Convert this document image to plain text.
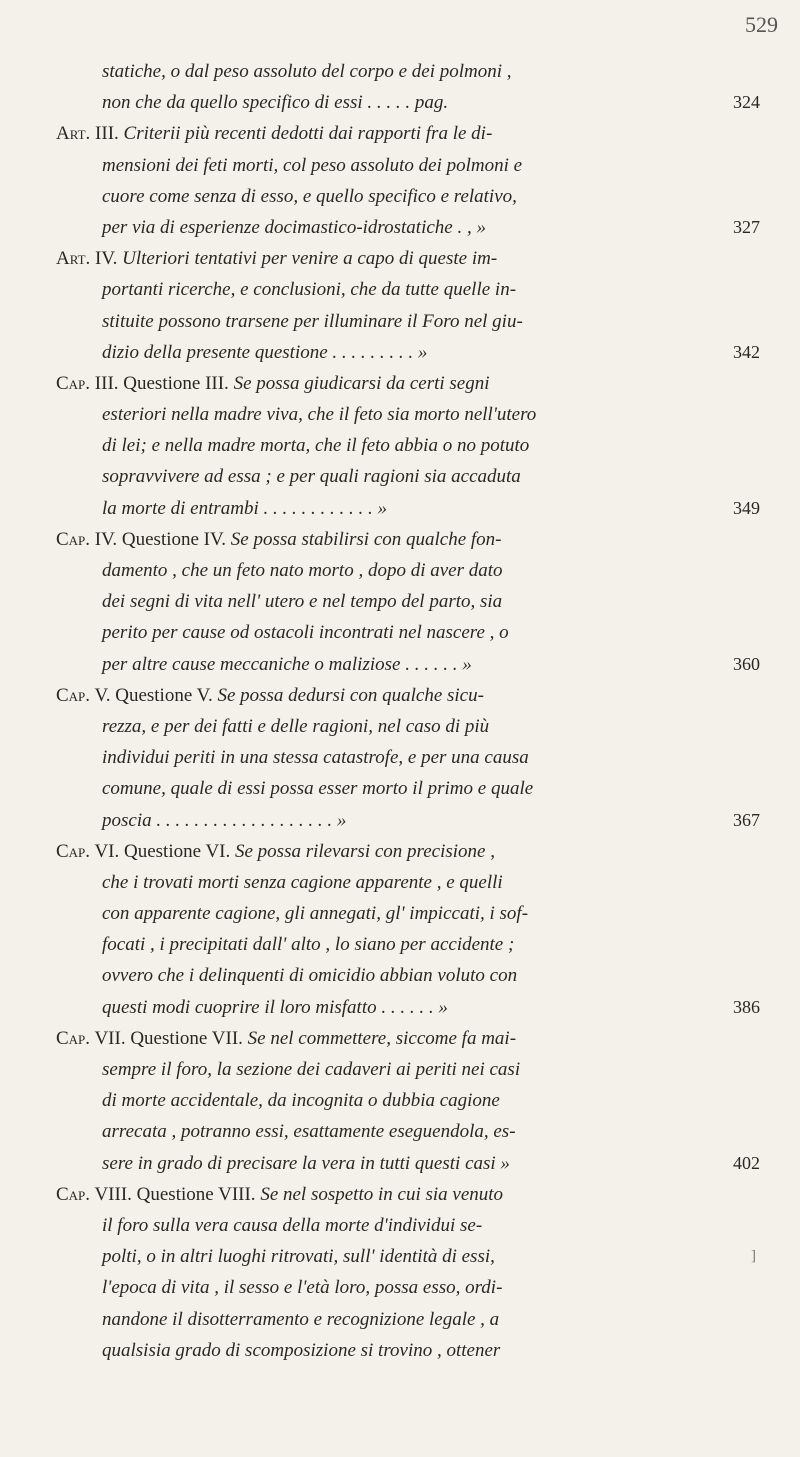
529
statiche, o dal peso assoluto del corpo e dei polmoni ,
non che da quello specifico di essi . . . . . pag.	324
Art. III. Criterii più recenti dedotti dai rapporti fra le di-
mensioni dei feti morti, col peso assoluto dei polmoni e
cuore come senza di esso, e quello specifico e relativo,
per via di esperienze docimastico-idrostatiche . , »	327
Art. IV. Ulteriori tentativi per venire a capo di queste im-
portanti ricerche, e conclusioni, che da tutte quelle in-
stituite possono trarsene per illuminare il Foro nel giu-
dizio della presente questione . . . . . . . . . »	342
Cap. III. Questione III. Se possa giudicarsi da certi segni
esteriori nella madre viva, che il feto sia morto nell'utero
di lei; e nella madre morta, che il feto abbia o no potuto
sopravvivere ad essa ; e per quali ragioni sia accaduta
la morte di entrambi . . . . . . . . . . . . »	349
Cap. IV. Questione IV. Se possa stabilirsi con qualche fon-
damento , che un feto nato morto , dopo di aver dato
dei segni di vita nell' utero e nel tempo del parto, sia
perito per cause od ostacoli incontrati nel nascere , o
per altre cause meccaniche o maliziose . . . . . . »	360
Cap. V. Questione V. Se possa dedursi con qualche sicu-
rezza, e per dei fatti e delle ragioni, nel caso di più
individui periti in una stessa catastrofe, e per una causa
comune, quale di essi possa esser morto il primo e quale
poscia . . . . . . . . . . . . . . . . . . . »	367
Cap. VI. Questione VI. Se possa rilevarsi con precisione ,
che i trovati morti senza cagione apparente , e quelli
con apparente cagione, gli annegati, gl' impiccati, i sof-
focati , i precipitati dall' alto , lo siano per accidente ;
ovvero che i delinquenti di omicidio abbian voluto con
questi modi cuoprire il loro misfatto . . . . . . »	386
Cap. VII. Questione VII. Se nel commettere, siccome fa mai-
sempre il foro, la sezione dei cadaveri ai periti nei casi
di morte accidentale, da incognita o dubbia cagione
arrecata , potranno essi, esattamente eseguendola, es-
sere in grado di precisare la vera in tutti questi casi »	402
Cap. VIII. Questione VIII. Se nel sospetto in cui sia venuto
il foro sulla vera causa della morte d'individui se-
polti, o in altri luoghi ritrovati, sull' identità di essi,	]
l'epoca di vita , il sesso e l'età loro, possa esso, ordi-
nandone il disotterramento e recognizione legale , a
qualsisia grado di scomposizione si trovino , ottener
